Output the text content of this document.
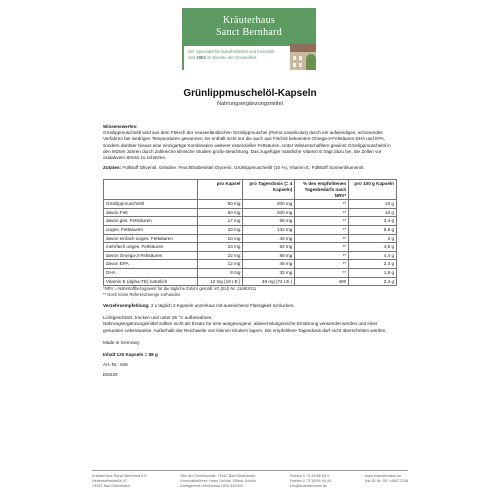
Kräuterhaus
Sanct Bernhard
Der Spezialist für Naturheilmittel und Kosmetik.
Seit 1903 im Dienste der Gesundheit.
Grünlippmuschelöl-Kapseln
Nahrungsergänzungsmittel

Wissenswertes:

Grünlippmuschelöl wird aus dem Fleisch der neuseeländischen Grünlippmuschel (Perna canaliculus) durch ein aufwendiges, schonendes Verfahren bei niedrigen Temperaturen gewonnen. Es enthält nicht nur die auch aus Fischöl bekannten Omega-3-Fettsäuren DHA und EPA, sondern darüber hinaus eine einzigartige Kombination weiterer essenzieller Fettsäuren. Unter Wissenschaftlern gewinnt Grünlippmuschelöl in den letzten Jahren durch zahlreiche klinische Studien große Beachtung. Das zugefügte natürliche Vitamin E trägt dazu bei, die Zellen vor oxidativem Stress zu schützen.

Zutaten: Füllstoff Olivenöl, Gelatine, Feuchthaltemittel Glycerin, Grünlippmuschelöl (10 %), Vitamin E, Füllstoff Sonnenblumenöl.

	pro Kapsel	pro Tagesdosis (= 4 Kapseln)	% des empfohlenen Tagesbedarfs nach NRV*	pro 100 g Kapseln
Grünlippmuschelöl	50 mg	200 mg	**	10 g
davon Fett	50 mg	200 mg	**	10 g
davon ges. Fettsäuren	17 mg	68 mg	**	3,4 g
unges. Fettsäuren	33 mg	132 mg	**	6,6 g
davon einfach unges. Fettsäuren	10 mg	40 mg	**	2 g
mehrfach unges. Fettsäuren	23 mg	92 mg	**	4,6 g
davon Omega-3-Fettsäuren	22 mg	88 mg	**	4,4 g
davon EPA	12 mg	48 mg	**	2,4 g
DHA	8 mg	32 mg	**	1,6 g
Vitamin E (alpha-TE) natürlich	12 mg (18 I.E.)	48 mg (72 I.E.)	400	2,4 g

*NRV = Nährstoffbezugswert für die tägliche Zufuhr gemäß VO (EU) Nr. 1169/2011

** Noch keine Referenzmenge vorhanden

Verzehrsempfehlung: 2 x täglich 2 Kapseln unzerkaut mit ausreichend Flüssigkeit schlucken.

Lichtgeschützt, trocken und unter 25 °C aufbewahren.

Nahrungsergänzungsmittel sollten nicht als Ersatz für eine ausgewogene, abwechslungsreiche Ernährung verwendet werden und einer gesunden Lebensweise. Außerhalb der Reichweite von kleinen Kindern lagern. Die empfohlene Tagesdosis darf nicht überschritten werden.

Made in Germany

Inhalt 120 Kapseln = 58 g

Art.-Nr.: 846

Et0220

Kräuterhaus Sanct Bernhard KG
Helfensteinstraße 47
73342 Bad Ditzenbach
Sitz der Gesellschaft: 73342 Bad Ditzenbach
Geschäftsführer: Hans Schütz, Ellinor Schütz
Amtsgericht Ulm/Donau HRA 541000
Telefon 0 73 34/96 54 0
Telefax 0 73 34/96 54 44
info@kraeuterhaus.de
www.kraeuterhaus.de
Ust-ID-Nr. DE 145872248
